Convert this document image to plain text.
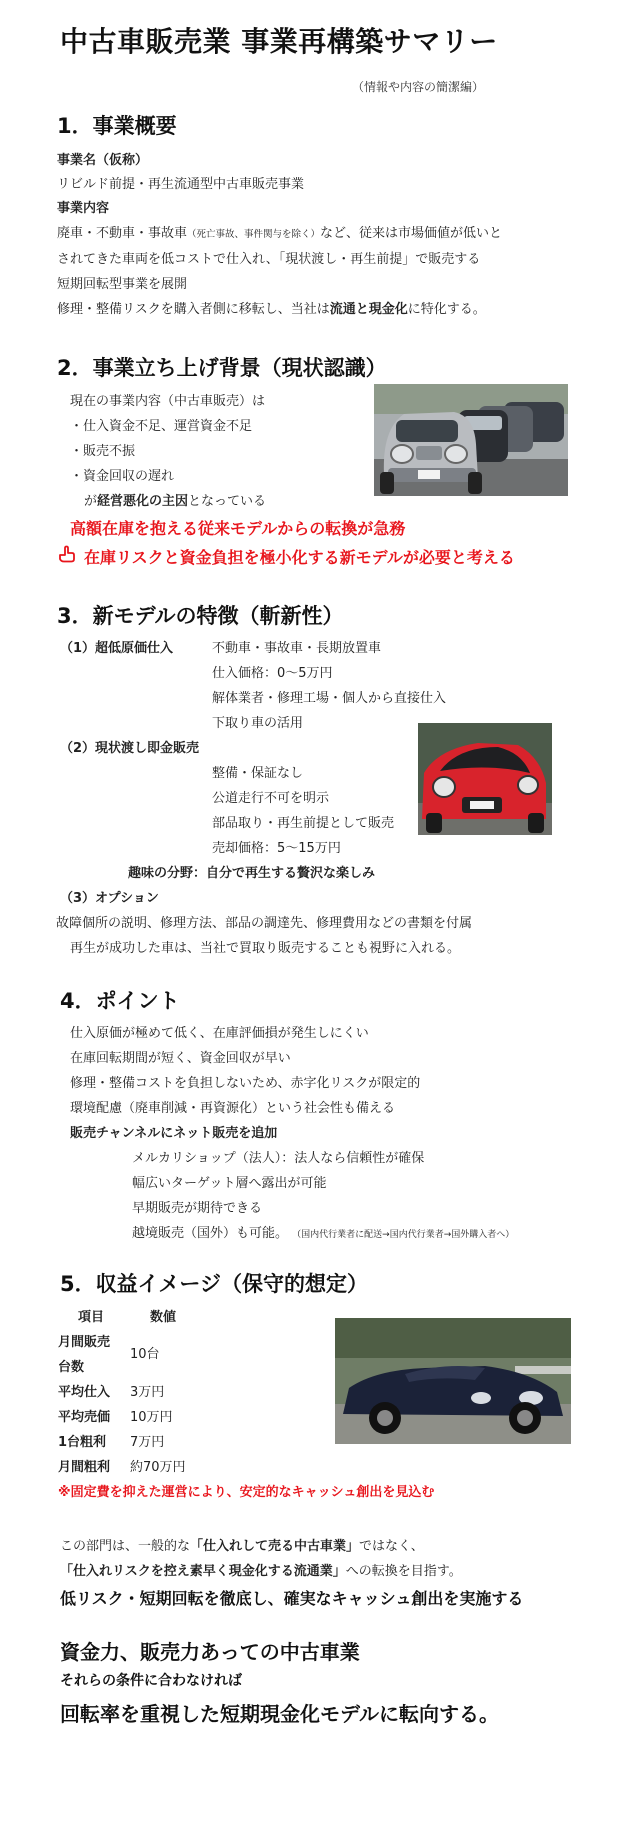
中古車販売業 事業再構築サマリー
（情報や内容の簡潔編）
1．事業概要
事業名（仮称）
リビルド前提・再生流通型中古車販売事業
事業内容
廃車・不動車・事故車（死亡事故、事件関与を除く）など、従来は市場価値が低いと
されてきた車両を低コストで仕入れ、「現状渡し・再生前提」で販売する
短期回転型事業を展開
修理・整備リスクを購入者側に移転し、当社は流通と現金化に特化する。
2．事業立ち上げ背景（現状認識）
現在の事業内容（中古車販売）は
・仕入資金不足、運営資金不足
・販売不振
・資金回収の遅れ
が経営悪化の主因となっている
高額在庫を抱える従来モデルからの転換が急務
在庫リスクと資金負担を極小化する新モデルが必要と考える
3．新モデルの特徴（斬新性）
（1）超低原価仕入	不動車・事故車・長期放置車
仕入価格：0～5万円
解体業者・修理工場・個人から直接仕入
下取り車の活用
（2）現状渡し即金販売
整備・保証なし
公道走行不可を明示
部品取り・再生前提として販売
売却価格：5～15万円
趣味の分野：自分で再生する贅沢な楽しみ
（3）オプション
故障個所の説明、修理方法、部品の調達先、修理費用などの書類を付属
再生が成功した車は、当社で買取り販売することも視野に入れる。
4．ポイント
仕入原価が極めて低く、在庫評価損が発生しにくい
在庫回転期間が短く、資金回収が早い
修理・整備コストを負担しないため、赤字化リスクが限定的
環境配慮（廃車削減・再資源化）という社会性も備える
販売チャンネルにネット販売を追加
メルカリショップ（法人）：法人なら信頼性が確保
幅広いターゲット層へ露出が可能
早期販売が期待できる
越境販売（国外）も可能。 （国内代行業者に配送→国内代行業者→国外購入者へ）
5．収益イメージ（保守的想定）
項目	数値
月間販売
台数
10台
平均仕入 3万円
平均売価 10万円
1台粗利 7万円
月間粗利 約70万円
※固定費を抑えた運営により、安定的なキャッシュ創出を見込む
この部門は、一般的な「仕入れして売る中古車業」ではなく、
「仕入れリスクを控え素早く現金化する流通業」への転換を目指す。
低リスク・短期回転を徹底し、確実なキャッシュ創出を実施する
資金力、販売力あっての中古車業
それらの条件に合わなければ
回転率を重視した短期現金化モデルに転向する。
